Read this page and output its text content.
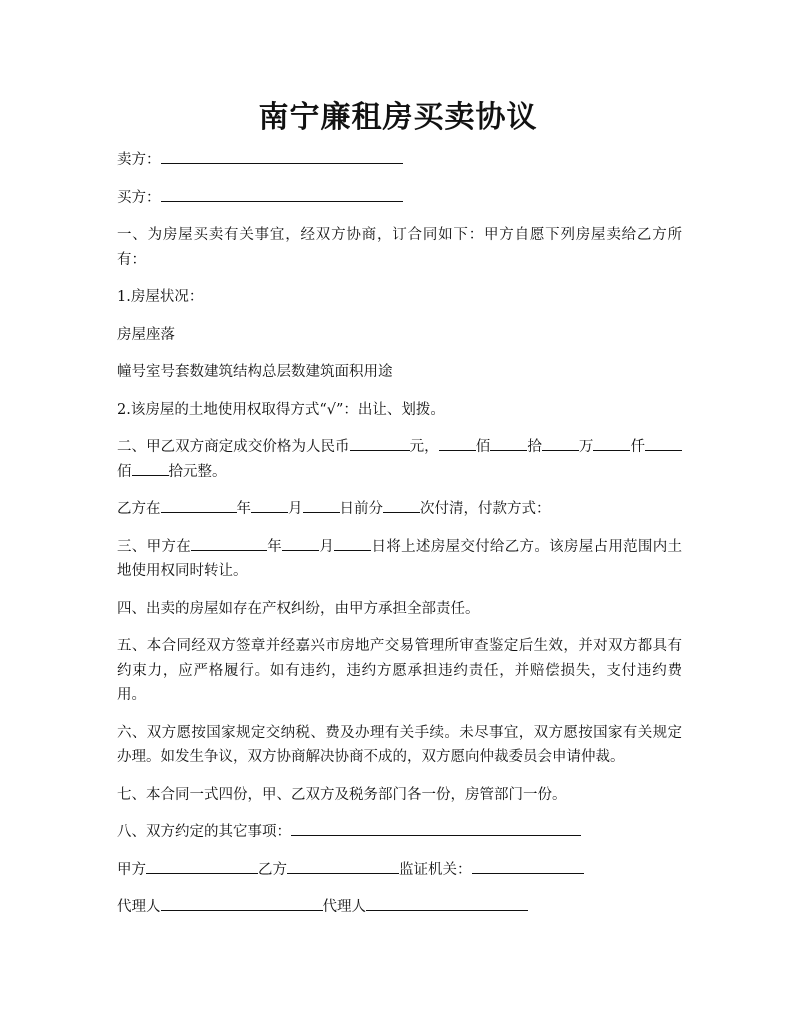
南宁廉租房买卖协议

卖方：

买方：

一、为房屋买卖有关事宜，经双方协商，订合同如下：甲方自愿下列房屋卖给乙方所有：

1.房屋状况：

房屋座落

幢号室号套数建筑结构总层数建筑面积用途

2.该房屋的土地使用权取得方式“√”：出让、划拨。

二、甲乙双方商定成交价格为人民币	元，	佰	拾	万	仟佰	拾元整。

乙方在	年	月	日前分	次付清，付款方式：

三、甲方在	年	月	日将上述房屋交付给乙方。该房屋占用范围内土地使用权同时转让。

四、出卖的房屋如存在产权纠纷，由甲方承担全部责任。

五、本合同经双方签章并经嘉兴市房地产交易管理所审查鉴定后生效，并对双方都具有约束力，应严格履行。如有违约，违约方愿承担违约责任，并赔偿损失，支付违约费用。

六、双方愿按国家规定交纳税、费及办理有关手续。未尽事宜，双方愿按国家有关规定办理。如发生争议，双方协商解决协商不成的，双方愿向仲裁委员会申请仲裁。

七、本合同一式四份，甲、乙双方及税务部门各一份，房管部门一份。

八、双方约定的其它事项：

甲方	乙方	监证机关：

代理人	代理人
